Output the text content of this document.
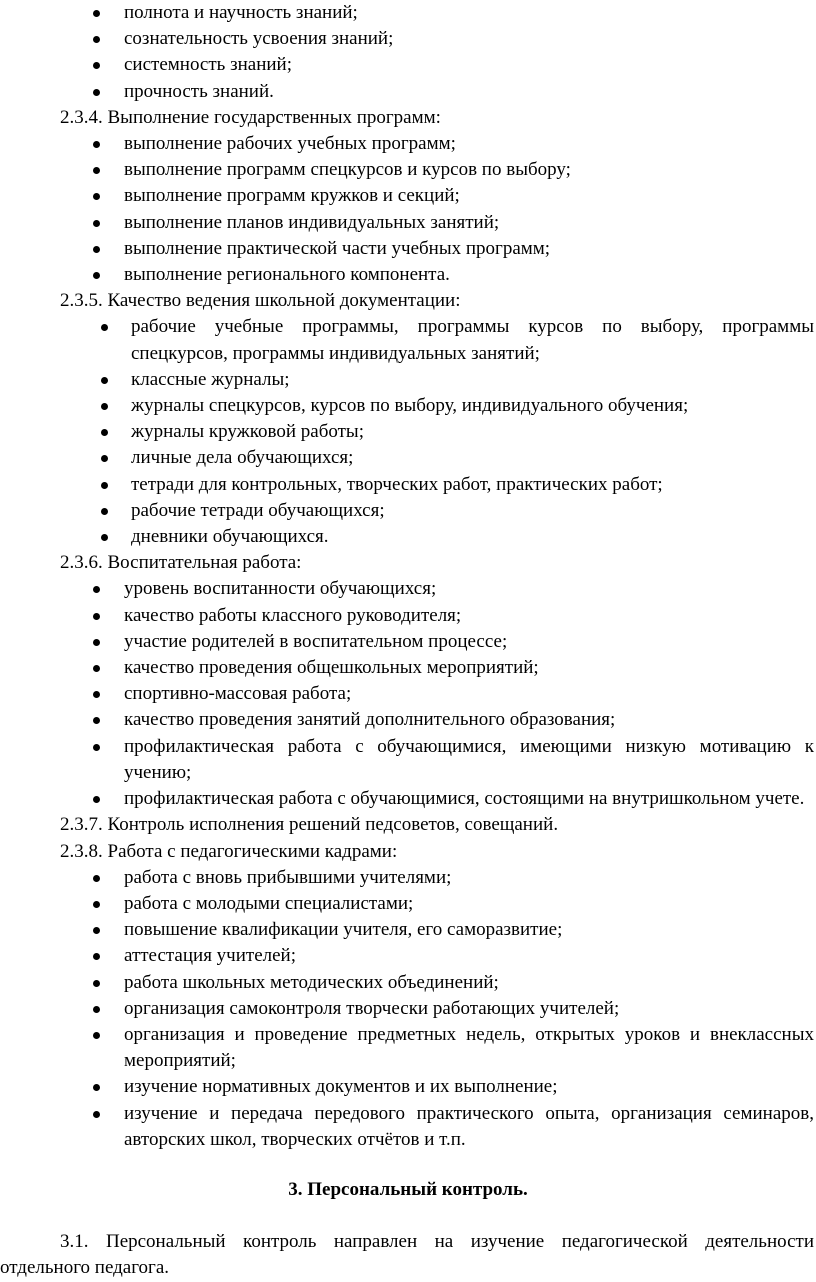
полнота и научность знаний;
сознательность усвоения знаний;
системность знаний;
прочность знаний.

2.3.4. Выполнение государственных программ:

выполнение рабочих учебных программ;
выполнение программ спецкурсов и курсов по выбору;
выполнение программ кружков и секций;
выполнение планов индивидуальных занятий;
выполнение практической части учебных программ;
выполнение регионального компонента.

2.3.5. Качество ведения школьной документации:

рабочие учебные программы, программы курсов по выбору, программы спецкурсов, программы индивидуальных занятий;
классные журналы;
журналы спецкурсов, курсов по выбору, индивидуального обучения;
журналы кружковой работы;
личные дела обучающихся;
тетради для контрольных, творческих работ, практических работ;
рабочие тетради обучающихся;
дневники обучающихся.

2.3.6. Воспитательная работа:

уровень воспитанности обучающихся;
качество работы классного руководителя;
участие родителей в воспитательном процессе;
качество проведения общешкольных мероприятий;
спортивно-массовая работа;
качество проведения занятий дополнительного образования;
профилактическая работа с обучающимися, имеющими низкую мотивацию к учению;
профилактическая работа с обучающимися, состоящими на внутришкольном учете.

2.3.7. Контроль исполнения решений педсоветов, совещаний.

2.3.8. Работа с педагогическими кадрами:

работа с вновь прибывшими учителями;
работа с молодыми специалистами;
повышение квалификации учителя, его саморазвитие;
аттестация учителей;
работа школьных методических объединений;
организация самоконтроля творчески работающих учителей;
организация и проведение предметных недель, открытых уроков и внеклассных мероприятий;
изучение нормативных документов и их выполнение;
изучение и передача передового практического опыта, организация семинаров, авторских школ, творческих отчётов и т.п.

3. Персональный контроль.

3.1. Персональный контроль направлен на изучение педагогической деятельности отдельного педагога.
